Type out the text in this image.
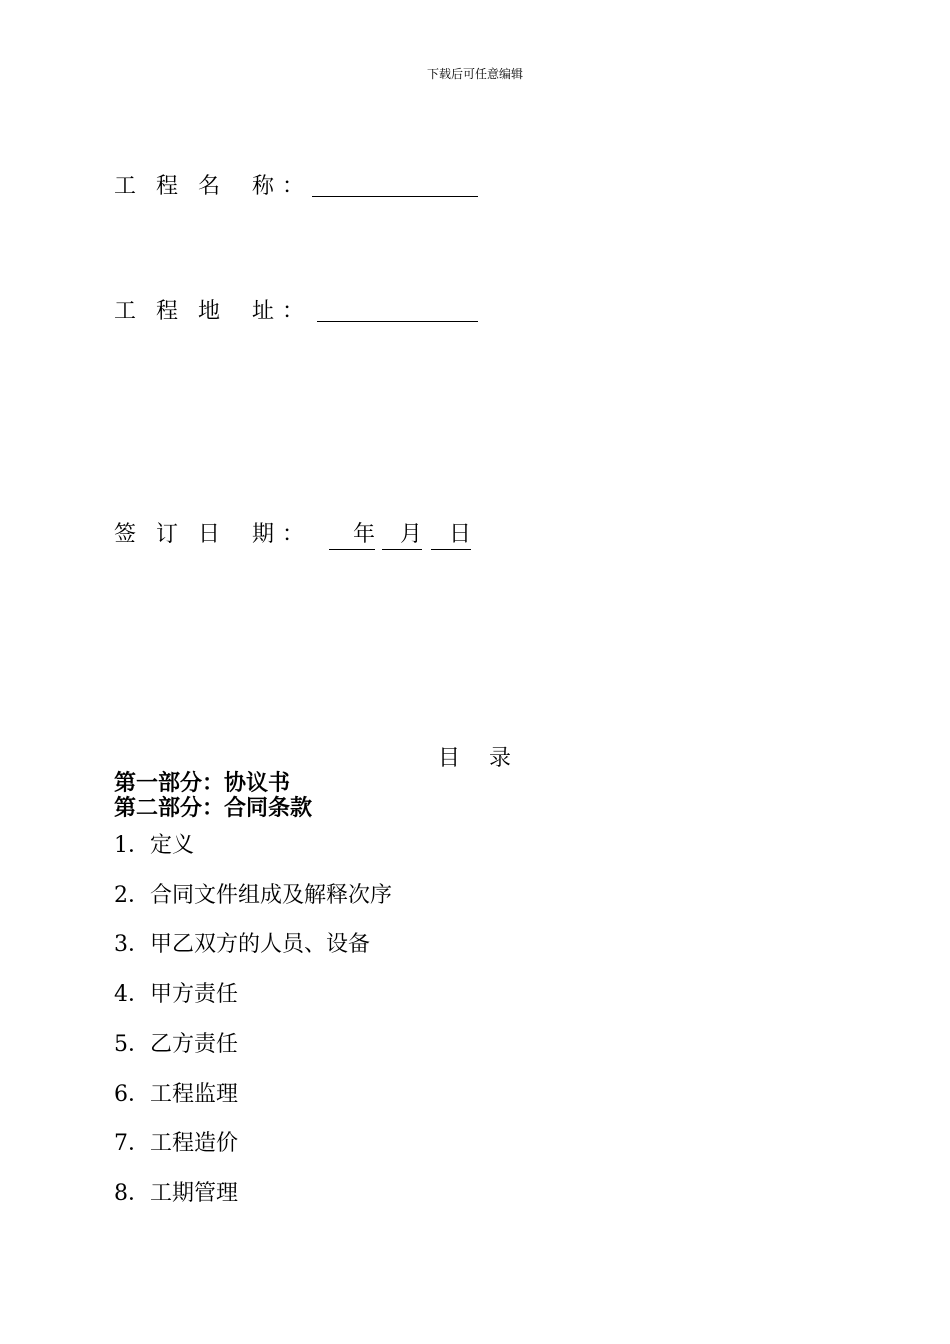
下载后可任意编辑
工 程 名 称 ：
工 程 地 址 ：
签 订 日 期 ：	年	月	日
目 录
第一部分：协议书
第二部分：合同条款
1．定义
2．合同文件组成及解释次序
3．甲乙双方的人员、设备
4．甲方责任
5．乙方责任
6．工程监理
7．工程造价
8．工期管理
